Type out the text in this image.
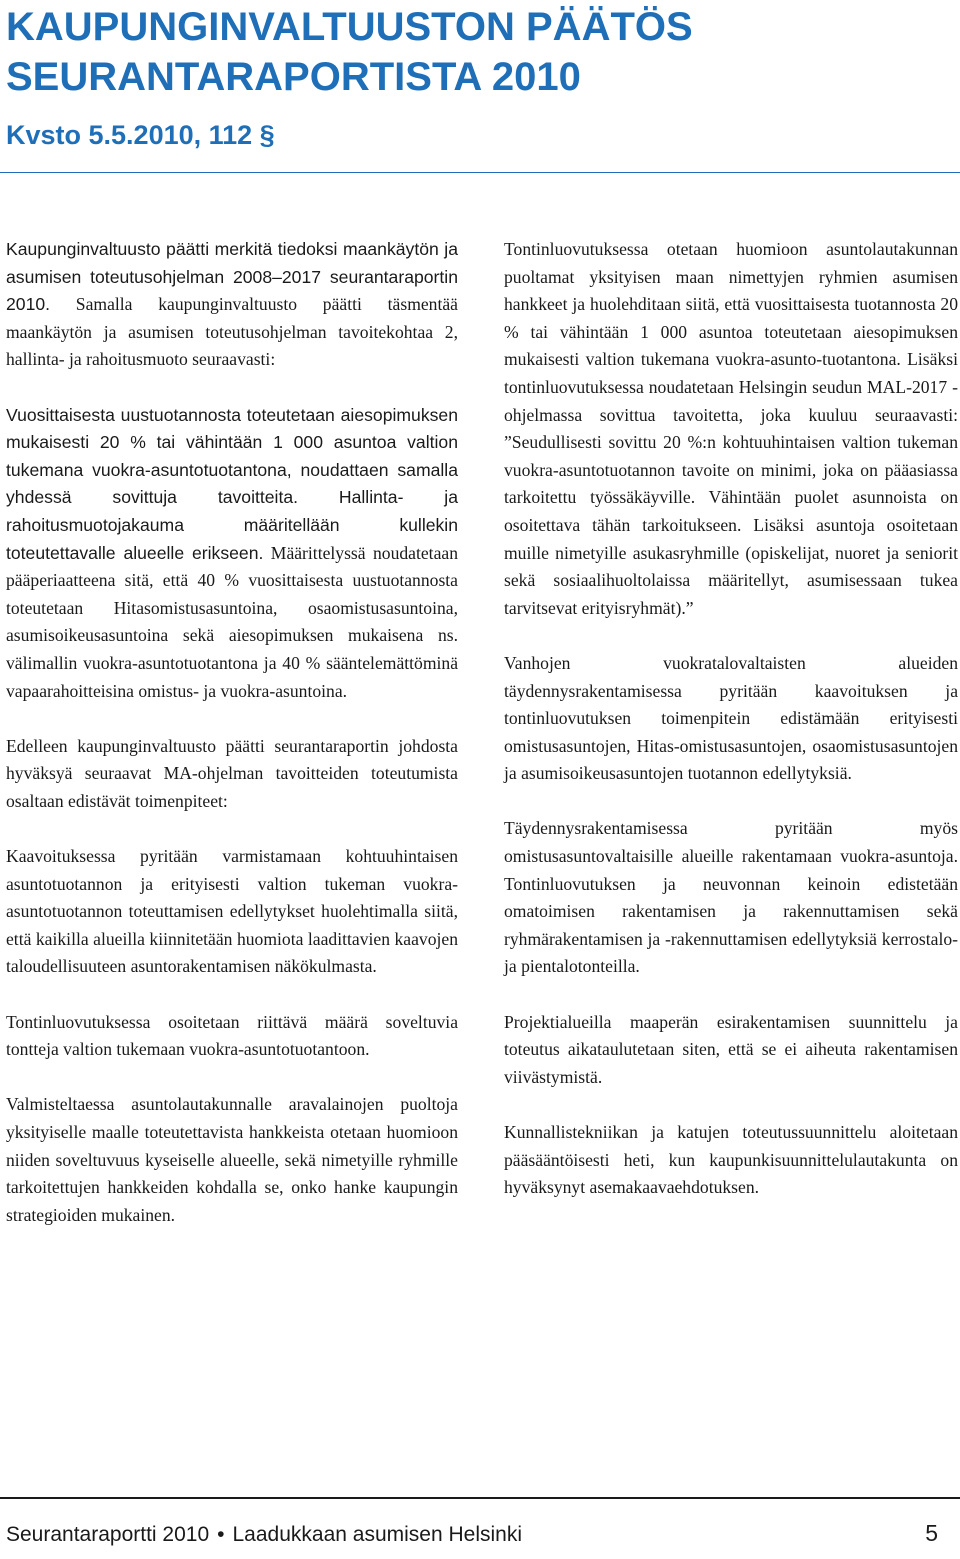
KAUPUNGINVALTUUSTON PÄÄTÖS
SEURANTARAPORTISTA 2010
Kvsto 5.5.2010, 112 §

Kaupunginvaltuusto päätti merkitä tiedoksi maankäytön ja asumisen toteutusohjelman 2008–2017 seurantaraportin 2010. Samalla kaupunginvaltuusto päätti täsmentää maankäytön ja asumisen toteutusohjelman tavoitekohtaa 2, hallinta- ja rahoitusmuoto seuraavasti:

Vuosittaisesta uustuotannosta toteutetaan aiesopimuksen mukaisesti 20 % tai vähintään 1 000 asuntoa valtion tukemana vuokra-asuntotuotantona, noudattaen samalla yhdessä sovittuja tavoitteita. Hallinta- ja rahoitusmuotojakauma määritellään kullekin toteutettavalle alueelle erikseen. Määrittelyssä noudatetaan pääperiaatteena sitä, että 40 % vuosittaisesta uustuotannosta toteutetaan Hitasomistusasuntoina, osaomistusasuntoina, asumisoikeusasuntoina sekä aiesopimuksen mukaisena ns. välimallin vuokra-asuntotuotantona ja 40 % sääntelemättöminä vapaarahoitteisina omistus- ja vuokra-asuntoina.

Edelleen kaupunginvaltuusto päätti seurantaraportin johdosta hyväksyä seuraavat MA-ohjelman tavoitteiden toteutumista osaltaan edistävät toimenpiteet:

Kaavoituksessa pyritään varmistamaan kohtuuhintaisen asuntotuotannon ja erityisesti valtion tukeman vuokra-asuntotuotannon toteuttamisen edellytykset huolehtimalla siitä, että kaikilla alueilla kiinnitetään huomiota laadittavien kaavojen taloudellisuuteen asuntorakentamisen näkökulmasta.

Tontinluovutuksessa osoitetaan riittävä määrä soveltuvia tontteja valtion tukemaan vuokra-asuntotuotantoon.

Valmisteltaessa asuntolautakunnalle aravalainojen puoltoja yksityiselle maalle toteutettavista hankkeista otetaan huomioon niiden soveltuvuus kyseiselle alueelle, sekä nimetyille ryhmille tarkoitettujen hankkeiden kohdalla se, onko hanke kaupungin strategioiden mukainen.

Tontinluovutuksessa otetaan huomioon asuntolautakunnan puoltamat yksityisen maan nimettyjen ryhmien asumisen hankkeet ja huolehditaan siitä, että vuosittaisesta tuotannosta 20 % tai vähintään 1 000 asuntoa toteutetaan aiesopimuksen mukaisesti valtion tukemana vuokra-asunto-tuotantona. Lisäksi tontinluovutuksessa noudatetaan Helsingin seudun MAL-2017 -ohjelmassa sovittua tavoitetta, joka kuuluu seuraavasti: ”Seudullisesti sovittu 20 %:n kohtuuhintaisen valtion tukeman vuokra-asuntotuotannon tavoite on minimi, joka on pääasiassa tarkoitettu työssäkäyville. Vähintään puolet asunnoista on osoitettava tähän tarkoitukseen. Lisäksi asuntoja osoitetaan muille nimetyille asukasryhmille (opiskelijat, nuoret ja seniorit sekä sosiaalihuoltolaissa määritellyt, asumisessaan tukea tarvitsevat erityisryhmät).”

Vanhojen vuokratalovaltaisten alueiden täydennysrakentamisessa pyritään kaavoituksen ja tontinluovutuksen toimenpitein edistämään erityisesti omistusasuntojen, Hitas-omistusasuntojen, osaomistusasuntojen ja asumisoikeusasuntojen tuotannon edellytyksiä.

Täydennysrakentamisessa pyritään myös omistusasuntovaltaisille alueille rakentamaan vuokra-asuntoja. Tontinluovutuksen ja neuvonnan keinoin edistetään omatoimisen rakentamisen ja rakennuttamisen sekä ryhmärakentamisen ja -rakennuttamisen edellytyksiä kerrostalo- ja pientalotonteilla.

Projektialueilla maaperän esirakentamisen suunnittelu ja toteutus aikataulutetaan siten, että se ei aiheuta rakentamisen viivästymistä.

Kunnallistekniikan ja katujen toteutussuunnittelu aloitetaan pääsääntöisesti heti, kun kaupunkisuunnittelulautakunta on hyväksynyt asemakaavaehdotuksen.

Seurantaraportti 2010 • Laadukkaan asumisen Helsinki	5
